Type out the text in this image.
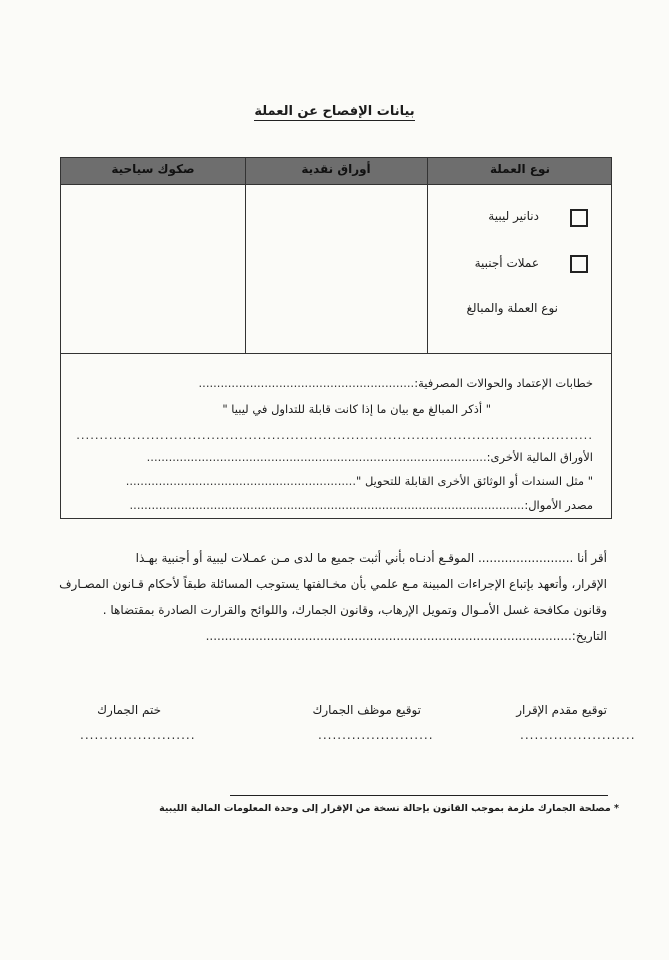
بيانات الإفصاح عن العملة
نوع العملة
أوراق نقدية
صكوك سياحية
دنانير ليبية
عملات أجنبية
نوع العملة والمبالغ
خطابات الإعتماد والحوالات المصرفية:...........................................................
" أذكر المبالغ مع بيان ما إذا كانت قابلة للتداول في ليبيا "
...............................................................................................................
الأوراق المالية الأخرى:.............................................................................................
" مثل السندات أو الوثائق الأخرى القابلة للتحويل "...............................................................
مصدر الأموال:............................................................................................................
أقر أنا ......................... الموقـع أدنـاه بأني أثبت جميع ما لدى مـن عمـلات ليبية أو أجنبية بهـذا
الإقرار، وأتعهد بإتباع الإجراءات المبينة مـع علمي بأن مخـالفتها يستوجب المسائلة طبقاً لأحكام قـانون المصـارف
وقانون مكافحة غسل الأمـوال وتمويل الإرهاب، وقانون الجمارك، واللوائح والقرارت الصادرة بمقتضاها .
التاريخ:................................................................................................
توقيع مقدم الإقرار
توقيع موظف الجمارك
ختم الجمارك
........................
........................
........................
* مصلحة الجمارك ملزمة بموجب القانون بإحالة نسخة من الإقرار إلى وحدة المعلومات المالية الليبية
